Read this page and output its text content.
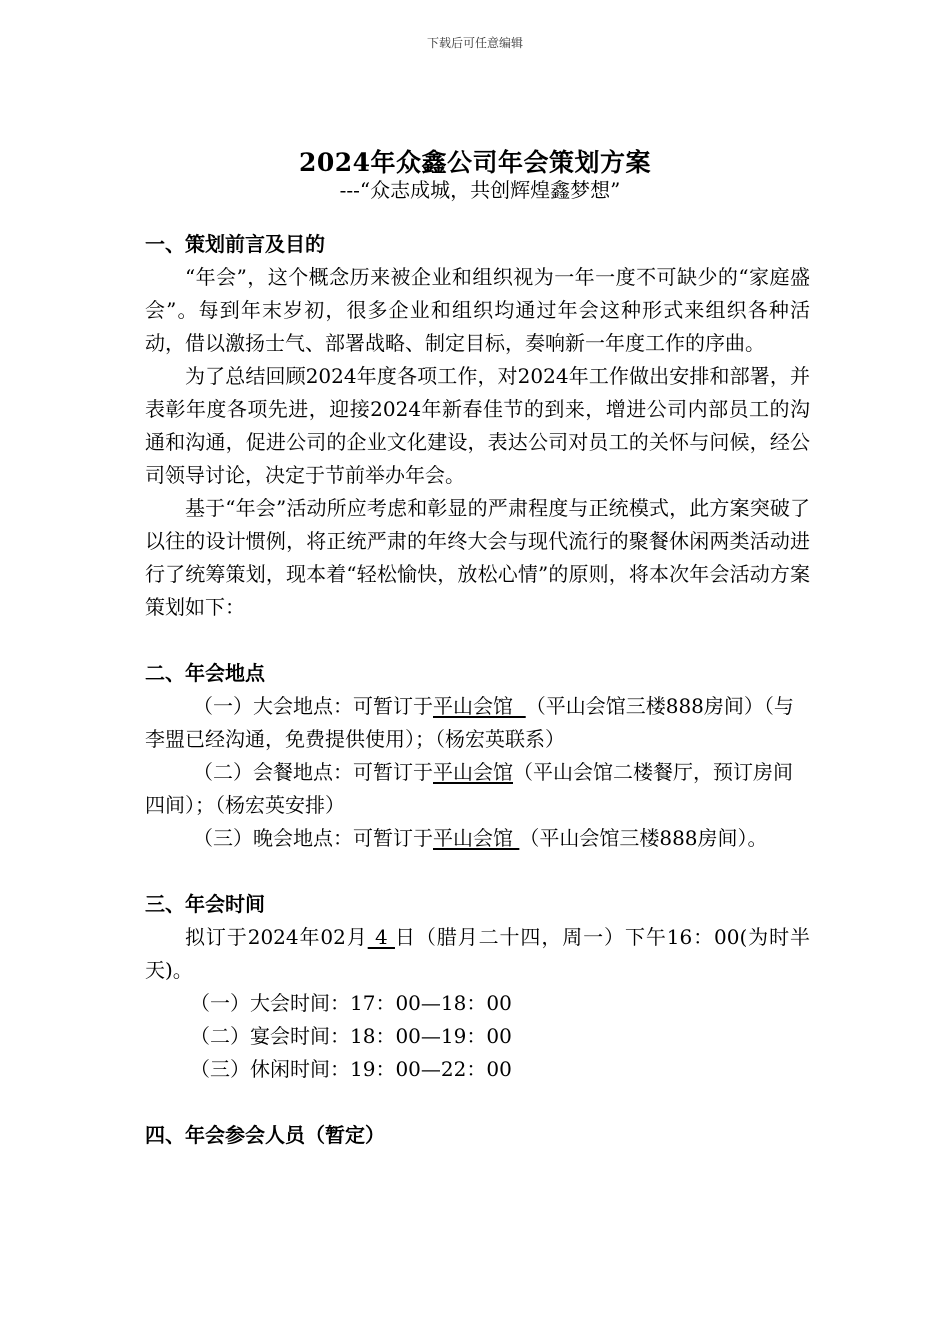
下载后可任意编辑
2024年众鑫公司年会策划方案
---“众志成城，共创辉煌鑫梦想”

一、策划前言及目的

“年会”，这个概念历来被企业和组织视为一年一度不可缺少的“家庭盛会”。每到年末岁初，很多企业和组织均通过年会这种形式来组织各种活动，借以激扬士气、部署战略、制定目标，奏响新一年度工作的序曲。

为了总结回顾2024年度各项工作，对2024年工作做出安排和部署，并表彰年度各项先进，迎接2024年新春佳节的到来，增进公司内部员工的沟通和沟通，促进公司的企业文化建设，表达公司对员工的关怀与问候，经公司领导讨论，决定于节前举办年会。

基于“年会”活动所应考虑和彰显的严肃程度与正统模式，此方案突破了以往的设计惯例，将正统严肃的年终大会与现代流行的聚餐休闲两类活动进行了统筹策划，现本着“轻松愉快，放松心情”的原则，将本次年会活动方案策划如下：

二、年会地点

（一）大会地点：可暂订于平山会馆 （平山会馆三楼888房间）（与李盟已经沟通，免费提供使用）；（杨宏英联系）

（二）会餐地点：可暂订于平山会馆（平山会馆二楼餐厅，预订房间四间）；（杨宏英安排）

（三）晚会地点：可暂订于平山会馆 （平山会馆三楼888房间）。

三、年会时间

拟订于2024年02月 4 日（腊月二十四，周一）下午16：00(为时半天)。

（一）大会时间：17：00—18：00

（二）宴会时间：18：00—19：00

（三）休闲时间：19：00—22：00

四、年会参会人员（暂定）
